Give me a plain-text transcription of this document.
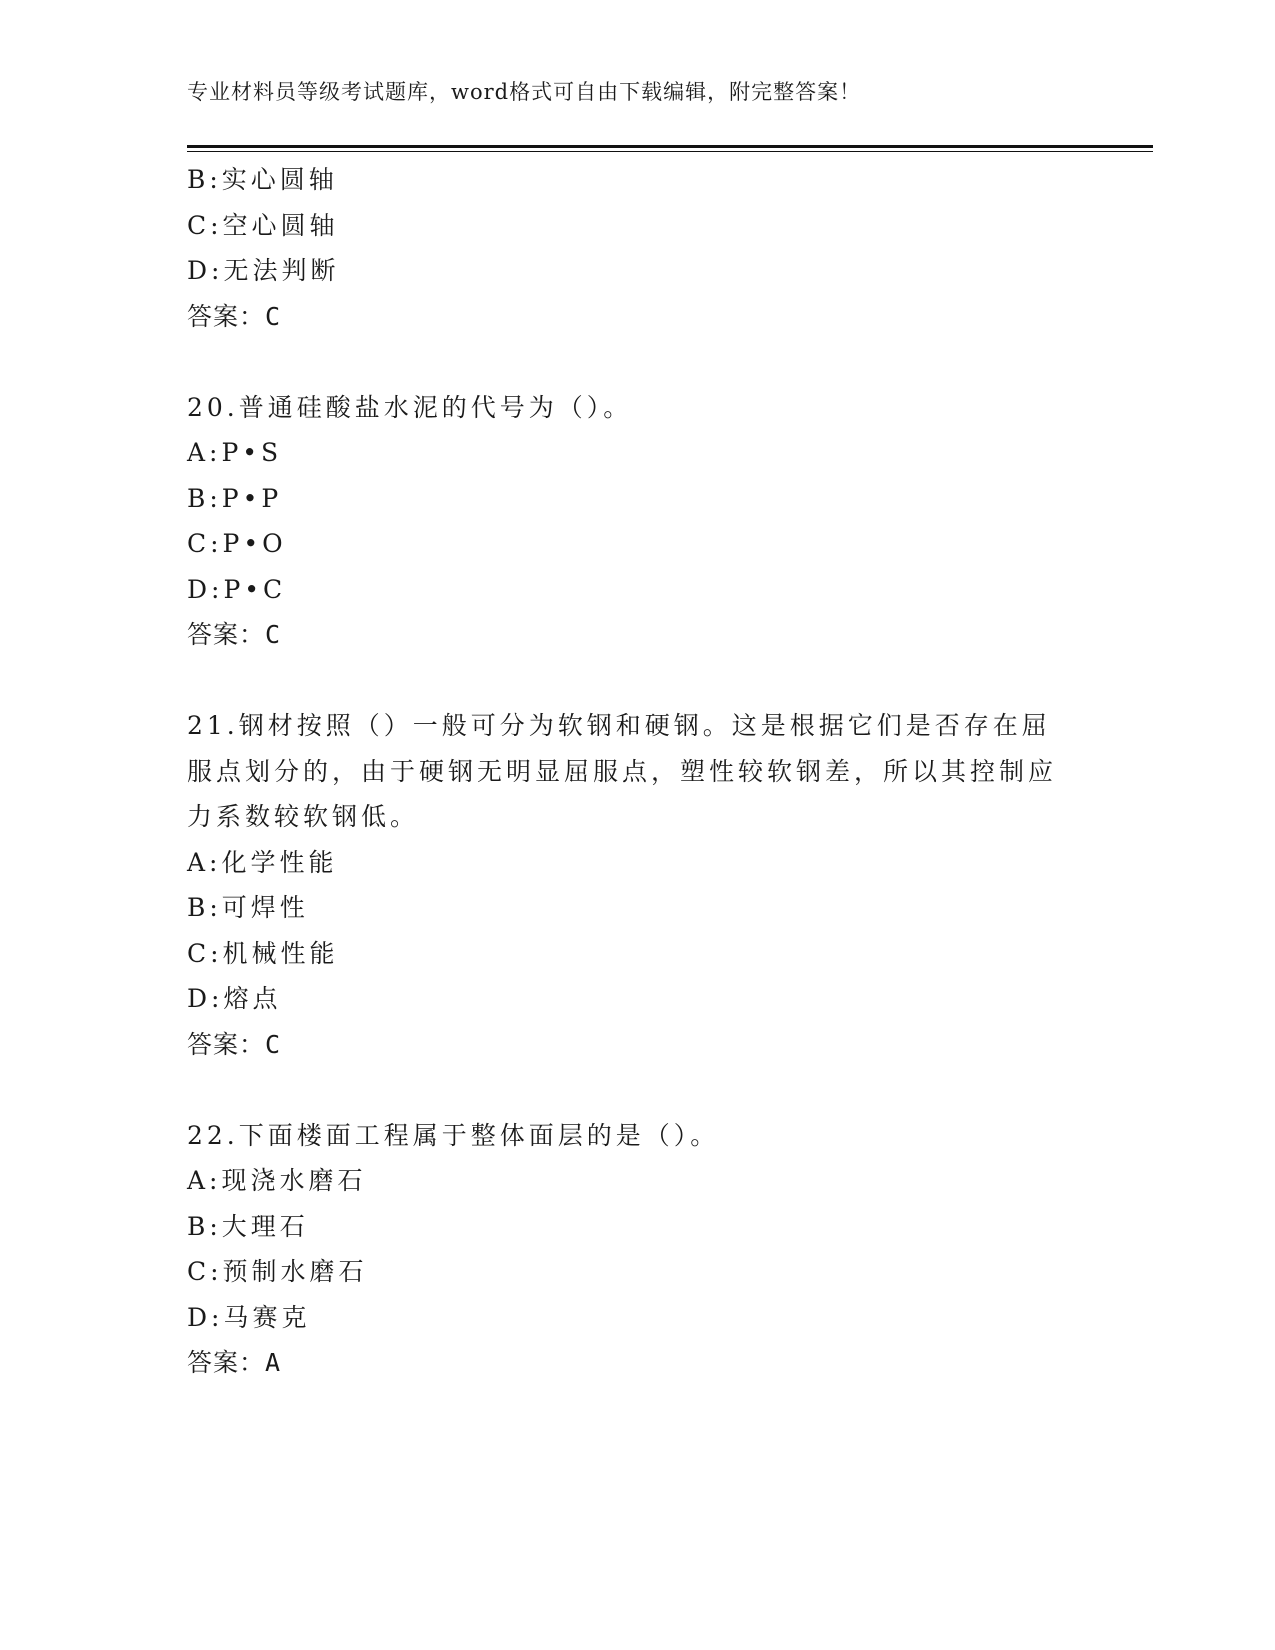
专业材料员等级考试题库，word格式可自由下载编辑，附完整答案！
B:实心圆轴
C:空心圆轴
D:无法判断
答案：C
20.普通硅酸盐水泥的代号为（）。
A:P•S
B:P•P
C:P•O
D:P•C
答案：C
21.钢材按照（）一般可分为软钢和硬钢。这是根据它们是否存在屈
服点划分的，由于硬钢无明显屈服点，塑性较软钢差，所以其控制应
力系数较软钢低。
A:化学性能
B:可焊性
C:机械性能
D:熔点
答案：C
22.下面楼面工程属于整体面层的是（）。
A:现浇水磨石
B:大理石
C:预制水磨石
D:马赛克
答案：A
